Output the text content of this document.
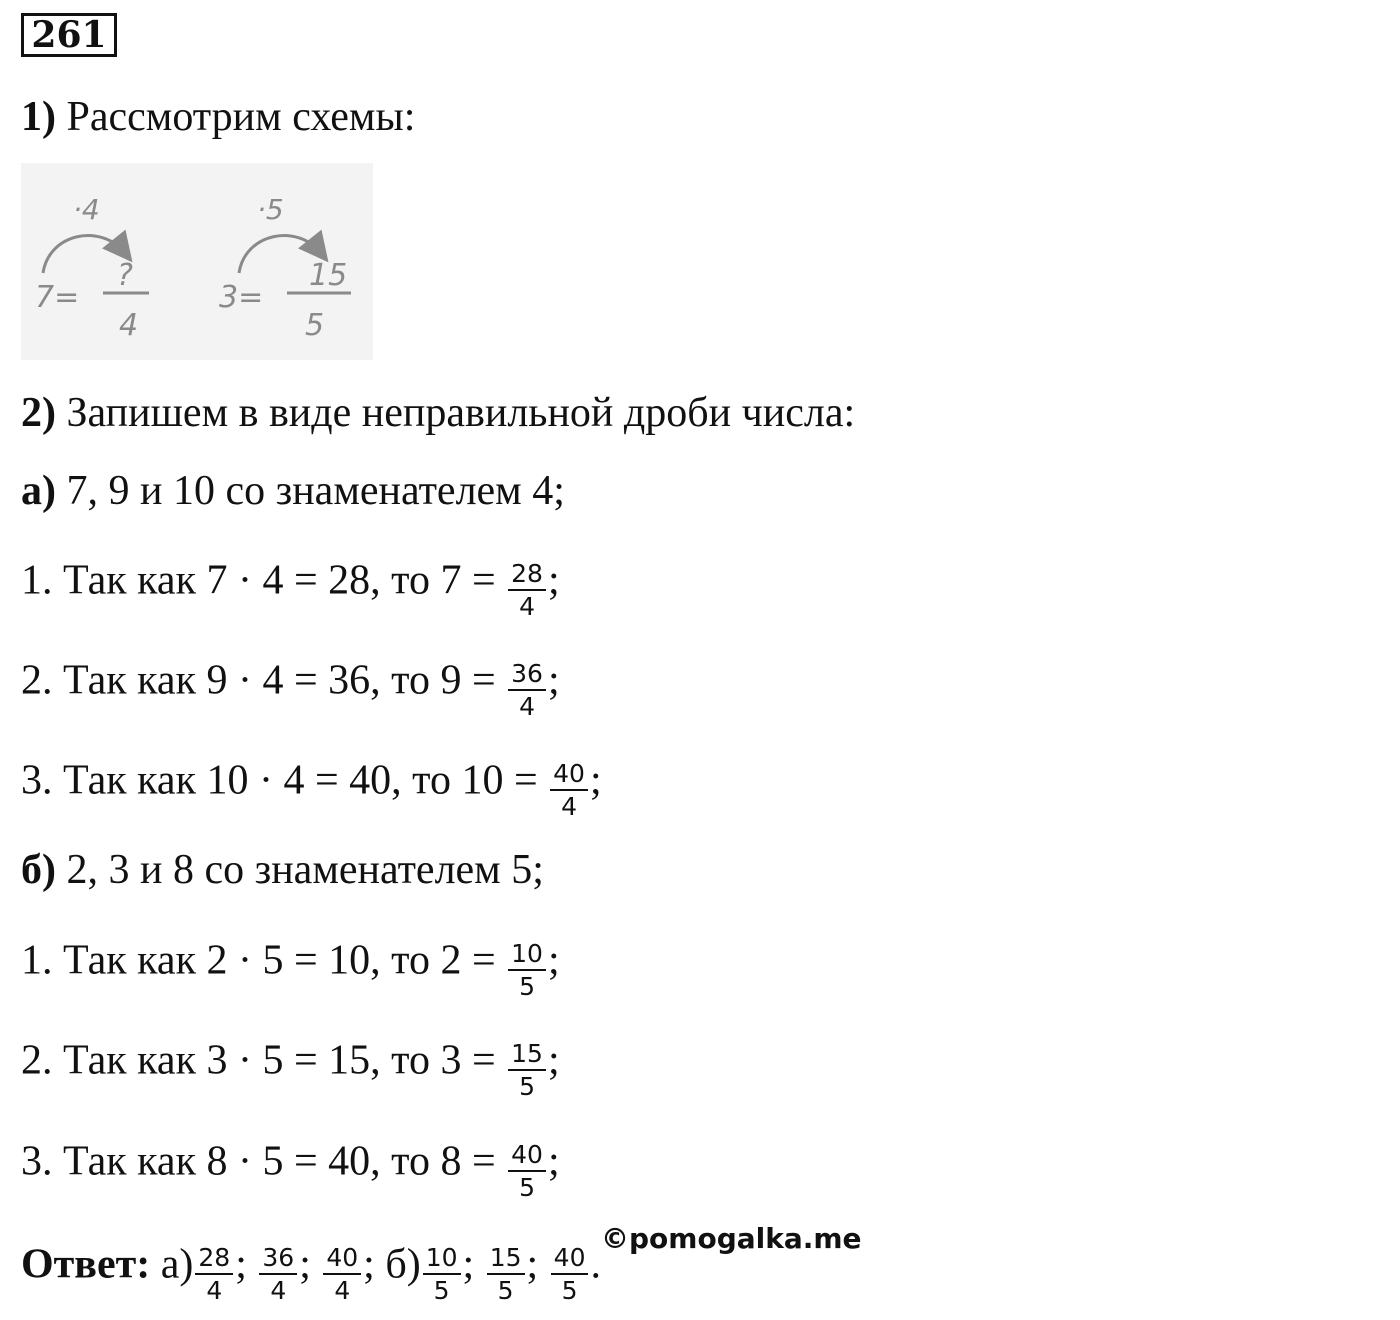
261
1) Рассмотрим схемы:
·4
7=
?
4
·5
3=
15
5
2) Запишем в виде неправильной дроби числа:
а) 7, 9 и 10 со знаменателем 4;
1. Так как 7 · 4 = 28, то $7 = \frac{28}{4}$ ;
2. Так как 9 · 4 = 36, то $9 = \frac{36}{4}$ ;
3. Так как 10 · 4 = 40, то $10 = \frac{40}{4}$ ;
б) 2, 3 и 8 со знаменателем 5;
1. Так как 2 · 5 = 10, то $2 = \frac{10}{5}$ ;
2. Так как 3 · 5 = 15, то $3 = \frac{15}{5}$ ;
3. Так как 8 · 5 = 40, то $8 = \frac{40}{5}$ ;
Ответ: $а) \frac{28}{4}$ ; $\frac{36}{4}$ ; $\frac{40}{4}$ ; $б) \frac{10}{5}$ ; $\frac{15}{5}$ ; $\frac{40}{5}$ .
©pomogalka.me
